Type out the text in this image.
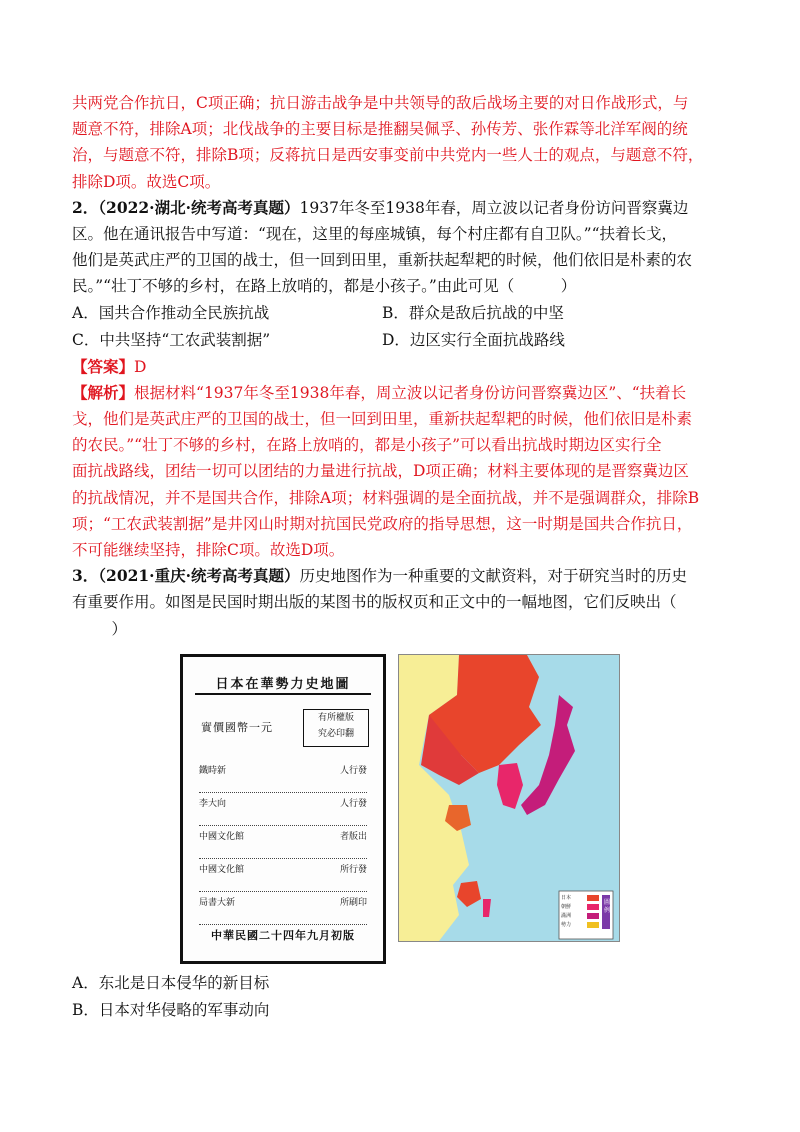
共两党合作抗日，C项正确；抗日游击战争是中共领导的敌后战场主要的对日作战形式，与

题意不符，排除A项；北伐战争的主要目标是推翻吴佩孚、孙传芳、张作霖等北洋军阀的统

治，与题意不符，排除B项；反蒋抗日是西安事变前中共党内一些人士的观点，与题意不符，

排除D项。故选C项。

2．（2022·湖北·统考高考真题）1937年冬至1938年春，周立波以记者身份访问晋察冀边

区。他在通讯报告中写道：“现在，这里的每座城镇，每个村庄都有自卫队。”“扶着长戈，

他们是英武庄严的卫国的战士，但一回到田里，重新扶起犁耙的时候，他们依旧是朴素的农

民。”“壮丁不够的乡村，在路上放哨的，都是小孩子。”由此可见（　　　）

A．国共合作推动全民族抗战	B．群众是敌后抗战的中坚
C．中共坚持“工农武装割据”	D．边区实行全面抗战路线

【答案】D

【解析】根据材料“1937年冬至1938年春，周立波以记者身份访问晋察冀边区”、“扶着长

戈，他们是英武庄严的卫国的战士，但一回到田里，重新扶起犁耙的时候，他们依旧是朴素

的农民。”“壮丁不够的乡村，在路上放哨的，都是小孩子”可以看出抗战时期边区实行全

面抗战路线，团结一切可以团结的力量进行抗战，D项正确；材料主要体现的是晋察冀边区

的抗战情况，并不是国共合作，排除A项；材料强调的是全面抗战，并不是强调群众，排除B

项；“工农武装割据”是井冈山时期对抗国民党政府的指导思想，这一时期是国共合作抗日，

不可能继续坚持，排除C项。故选D项。

3．（2021·重庆·统考高考真题）历史地图作为一种重要的文献资料，对于研究当时的历史

有重要作用。如图是民国时期出版的某图书的版权页和正文中的一幅地图，它们反映出（

　）

日本在華勢力史地圖
實價國幣一元
有所權版
究必印翻
鐵時新	人行發
李大向	人行發
中國文化館	者版出
中國文化館	所行發
局書大新	所刷印
中華民國二十四年九月初版
日本
朝鮮
滿洲
勢力
圖例

A．东北是日本侵华的新目标

B．日本对华侵略的军事动向
